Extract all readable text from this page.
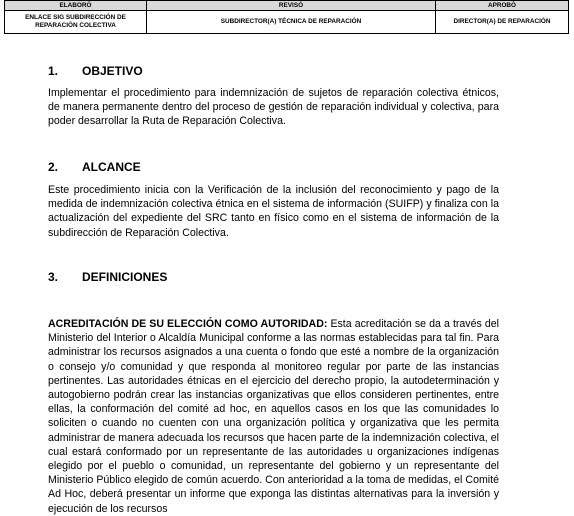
ELABORÓ	REVISÓ	APROBÓ
ENLACE SIG SUBDIRECCIÓN DE REPARACIÓN COLECTIVA	SUBDIRECTOR(A) TÉCNICA DE REPARACIÓN	DIRECTOR(A) DE REPARACIÓN
1. OBJETIVO

Implementar el procedimiento para indemnización de sujetos de reparación colectiva étnicos, de manera permanente dentro del proceso de gestión de reparación individual y colectiva, para poder desarrollar la Ruta de Reparación Colectiva.

2. ALCANCE

Este procedimiento inicia con la Verificación de la inclusión del reconocimiento y pago de la medida de indemnización colectiva étnica en el sistema de información (SUIFP) y finaliza con la actualización del expediente del SRC tanto en físico como en el sistema de información de la subdirección de Reparación Colectiva.

3. DEFINICIONES

ACREDITACIÓN DE SU ELECCIÓN COMO AUTORIDAD: Esta acreditación se da a través del Ministerio del Interior o Alcaldía Municipal conforme a las normas establecidas para tal fin. Para administrar los recursos asignados a una cuenta o fondo que esté a nombre de la organización o consejo y/o comunidad y que responda al monitoreo regular por parte de las instancias pertinentes. Las autoridades étnicas en el ejercicio del derecho propio, la autodeterminación y autogobierno podrán crear las instancias organizativas que ellos consideren pertinentes, entre ellas, la conformación del comité ad hoc, en aquellos casos en los que las comunidades lo soliciten o cuando no cuenten con una organización política y organizativa que les permita administrar de manera adecuada los recursos que hacen parte de la indemnización colectiva, el cual estará conformado por un representante de las autoridades u organizaciones indígenas elegido por el pueblo o comunidad, un representante del gobierno y un representante del Ministerio Público elegido de común acuerdo. Con anterioridad a la toma de medidas, el Comité Ad Hoc, deberá presentar un informe que exponga las distintas alternativas para la inversión y ejecución de los recursos
